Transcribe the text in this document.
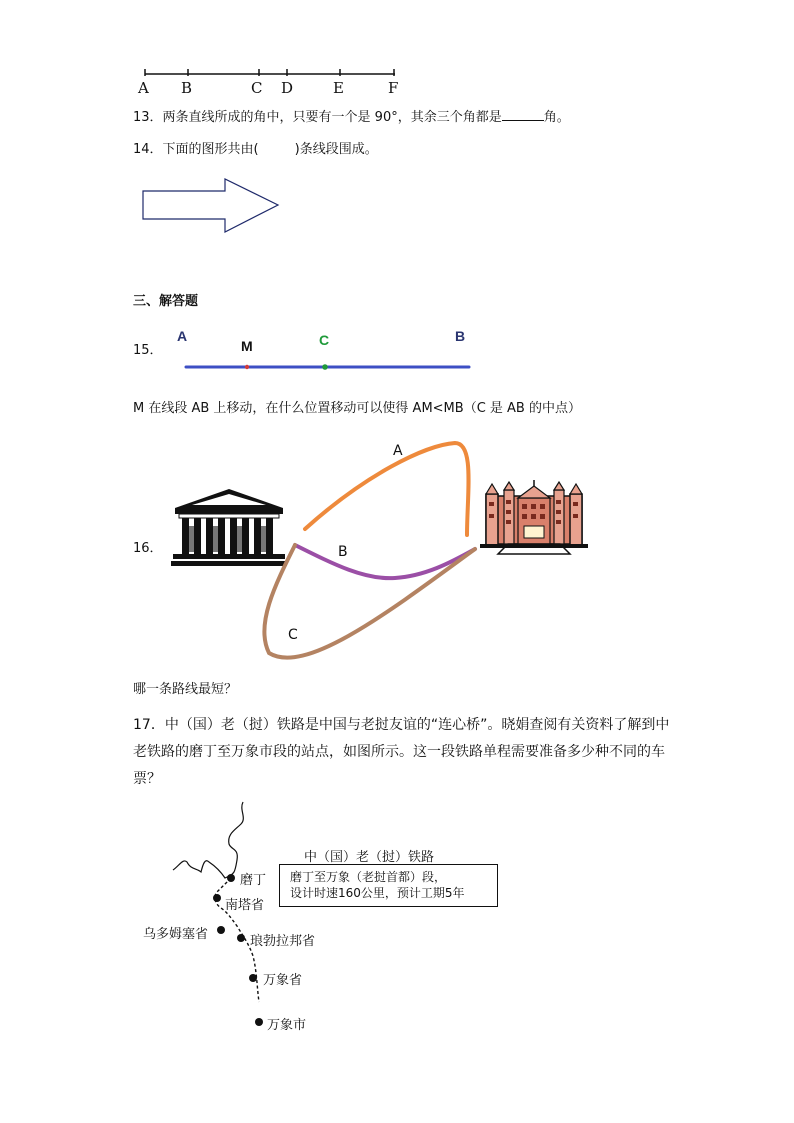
A B	C D	E	F
13．两条直线所成的角中，只要有一个是 90°，其余三个角都是	角。
14．下面的图形共由(	)条线段围成。
三、解答题
15．
A
M	C	B
M 在线段 AB 上移动，在什么位置移动可以使得 AM<MB（C 是 AB 的中点）
16．
A
B
C
哪一条路线最短？
17．中（国）老（挝）铁路是中国与老挝友谊的“连心桥”。晓娟查阅有关资料了解到中
老铁路的磨丁至万象市段的站点，如图所示。这一段铁路单程需要准备多少种不同的车
票？
中（国）老（挝）铁路
磨丁至万象（老挝首都）段，
设计时速160公里，预计工期5年
磨丁
南塔省
乌多姆塞省	琅勃拉邦省
万象省
万象市
